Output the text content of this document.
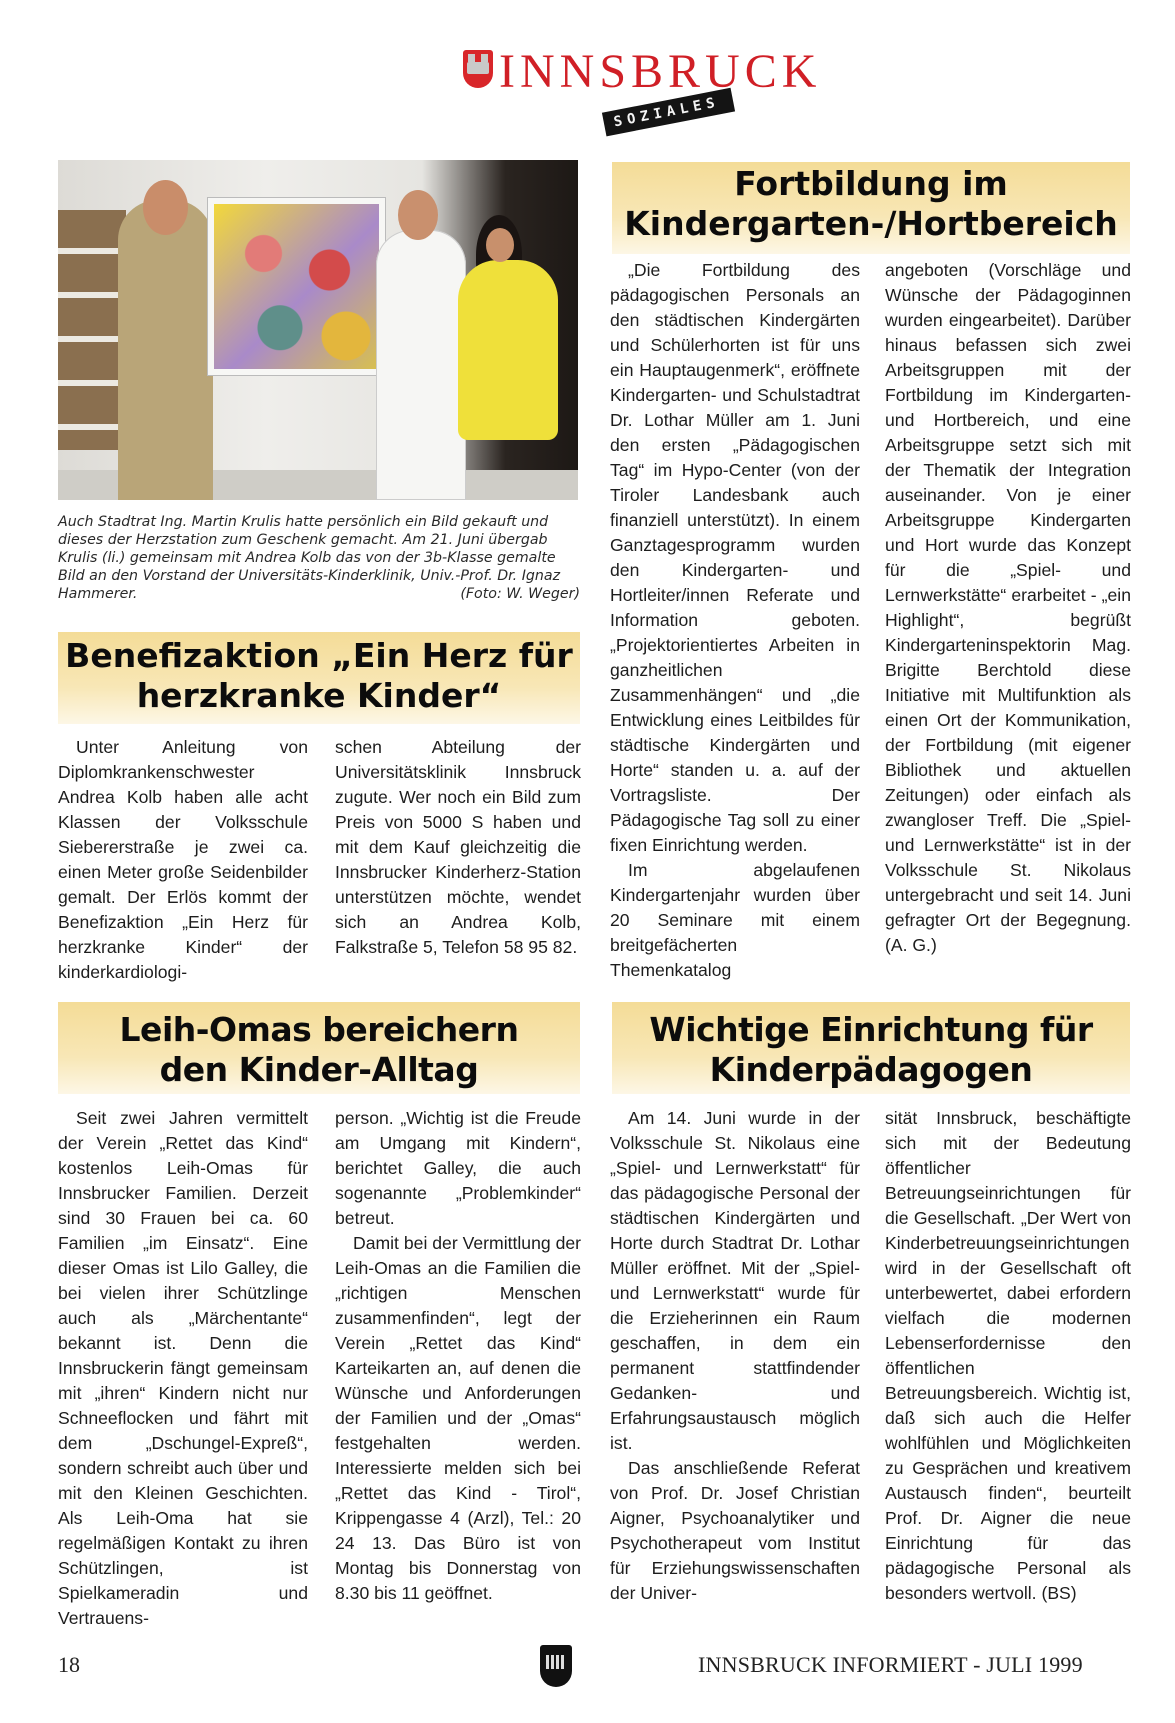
INNSBRUCK
SOZIALES
Auch Stadtrat Ing. Martin Krulis hatte persönlich ein Bild gekauft und dieses der Herzstation zum Geschenk gemacht. Am 21. Juni übergab Krulis (li.) gemeinsam mit Andrea Kolb das von der 3b-Klasse gemalte Bild an den Vorstand der Universitäts-Kinderklinik, Univ.-Prof. Dr. Ignaz Hammerer.	(Foto: W. Weger)
Fortbildung im
Kindergarten-/Hortbereich

„Die Fortbildung des pädagogischen Personals an den städtischen Kindergärten und Schülerhorten ist für uns ein Hauptaugenmerk“, eröffnete Kindergarten- und Schulstadtrat Dr. Lothar Müller am 1. Juni den ersten „Pädagogischen Tag“ im Hypo-Center (von der Tiroler Landesbank auch finanziell unterstützt). In einem Ganztagesprogramm wurden den Kindergarten- und Hortleiter/innen Referate und Information geboten. „Projektorientiertes Arbeiten in ganzheitlichen Zusammenhängen“ und „die Entwicklung eines Leitbildes für städtische Kindergärten und Horte“ standen u. a. auf der Vortragsliste. Der Pädagogische Tag soll zu einer fixen Einrichtung werden.

Im abgelaufenen Kindergartenjahr wurden über 20 Seminare mit einem breitgefächerten Themenkatalog

angeboten (Vorschläge und Wünsche der Pädagoginnen wurden eingearbeitet). Darüber hinaus befassen sich zwei Arbeitsgruppen mit der Fortbildung im Kindergarten- und Hortbereich, und eine Arbeitsgruppe setzt sich mit der Thematik der Integration auseinander. Von je einer Arbeitsgruppe Kindergarten und Hort wurde das Konzept für die „Spiel- und Lernwerkstätte“ erarbeitet - „ein Highlight“, begrüßt Kindergarteninspektorin Mag. Brigitte Berchtold diese Initiative mit Multifunktion als einen Ort der Kommunikation, der Fortbildung (mit eigener Bibliothek und aktuellen Zeitungen) oder einfach als zwangloser Treff. Die „Spiel- und Lernwerkstätte“ ist in der Volksschule St. Nikolaus untergebracht und seit 14. Juni gefragter Ort der Begegnung. (A. G.)

Benefizaktion „Ein Herz für
herzkranke Kinder“

Unter Anleitung von Diplomkrankenschwester Andrea Kolb haben alle acht Klassen der Volksschule Siebererstraße je zwei ca. einen Meter große Seidenbilder gemalt. Der Erlös kommt der Benefizaktion „Ein Herz für herzkranke Kinder“ der kinderkardiologi-

schen Abteilung der Universitätsklinik Innsbruck zugute. Wer noch ein Bild zum Preis von 5000 S haben und mit dem Kauf gleichzeitig die Innsbrucker Kinderherz-Station unterstützen möchte, wendet sich an Andrea Kolb, Falkstraße 5, Telefon 58 95 82.

Leih-Omas bereichern
den Kinder-Alltag

Seit zwei Jahren vermittelt der Verein „Rettet das Kind“ kostenlos Leih-Omas für Innsbrucker Familien. Derzeit sind 30 Frauen bei ca. 60 Familien „im Einsatz“. Eine dieser Omas ist Lilo Galley, die bei vielen ihrer Schützlinge auch als „Märchentante“ bekannt ist. Denn die Innsbruckerin fängt gemeinsam mit „ihren“ Kindern nicht nur Schneeflocken und fährt mit dem „Dschungel-Expreß“, sondern schreibt auch über und mit den Kleinen Geschichten. Als Leih-Oma hat sie regelmäßigen Kontakt zu ihren Schützlingen, ist Spielkameradin und Vertrauens-

person. „Wichtig ist die Freude am Umgang mit Kindern“, berichtet Galley, die auch sogenannte „Problemkinder“ betreut.

Damit bei der Vermittlung der Leih-Omas an die Familien die „richtigen Menschen zusammenfinden“, legt der Verein „Rettet das Kind“ Karteikarten an, auf denen die Wünsche und Anforderungen der Familien und der „Omas“ festgehalten werden. Interessierte melden sich bei „Rettet das Kind - Tirol“, Krippengasse 4 (Arzl), Tel.: 20 24 13. Das Büro ist von Montag bis Donnerstag von 8.30 bis 11 geöffnet.

Wichtige Einrichtung für
Kinderpädagogen

Am 14. Juni wurde in der Volksschule St. Nikolaus eine „Spiel- und Lernwerkstatt“ für das pädagogische Personal der städtischen Kindergärten und Horte durch Stadtrat Dr. Lothar Müller eröffnet. Mit der „Spiel- und Lernwerkstatt“ wurde für die Erzieherinnen ein Raum geschaffen, in dem ein permanent stattfindender Gedanken- und Erfahrungsaustausch möglich ist.

Das anschließende Referat von Prof. Dr. Josef Christian Aigner, Psychoanalytiker und Psychotherapeut vom Institut für Erziehungswissenschaften der Univer-

sität Innsbruck, beschäftigte sich mit der Bedeutung öffentlicher Betreuungseinrichtungen für die Gesellschaft. „Der Wert von Kinderbetreuungseinrichtungen wird in der Gesellschaft oft unterbewertet, dabei erfordern vielfach die modernen Lebenserfordernisse den öffentlichen Betreuungsbereich. Wichtig ist, daß sich auch die Helfer wohlfühlen und Möglichkeiten zu Gesprächen und kreativem Austausch finden“, beurteilt Prof. Dr. Aigner die neue Einrichtung für das pädagogische Personal als besonders wertvoll. (BS)

18	INNSBRUCK INFORMIERT - JULI 1999
